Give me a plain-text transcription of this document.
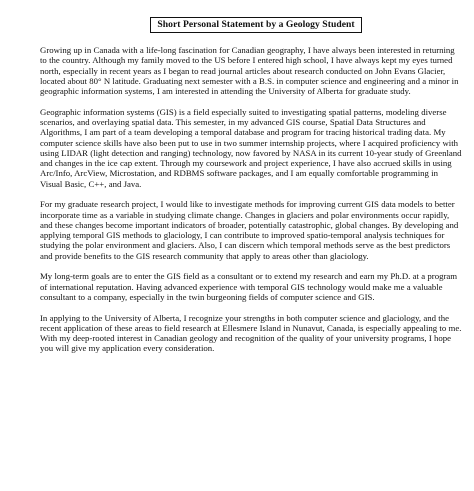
Short Personal Statement by a Geology Student

Growing up in Canada with a life-long fascination for Canadian geography, I have always been interested in returning to the country. Although my family moved to the US before I entered high school, I have always kept my eyes turned north, especially in recent years as I began to read journal articles about research conducted on John Evans Glacier, located about 80° N latitude. Graduating next semester with a B.S. in computer science and engineering and a minor in geographic information systems, I am interested in attending the University of Alberta for graduate study.

Geographic information systems (GIS) is a field especially suited to investigating spatial patterns, modeling diverse scenarios, and overlaying spatial data. This semester, in my advanced GIS course, Spatial Data Structures and Algorithms, I am part of a team developing a temporal database and program for tracing historical trading data. My computer science skills have also been put to use in two summer internship projects, where I acquired proficiency with using LIDAR (light detection and ranging) technology, now favored by NASA in its current 10-year study of Greenland and changes in the ice cap extent. Through my coursework and project experience, I have also accrued skills in using Arc/Info, ArcView, Microstation, and RDBMS software packages, and I am equally comfortable programming in Visual Basic, C++, and Java.

For my graduate research project, I would like to investigate methods for improving current GIS data models to better incorporate time as a variable in studying climate change. Changes in glaciers and polar environments occur rapidly, and these changes become important indicators of broader, potentially catastrophic, global changes. By developing and applying temporal GIS methods to glaciology, I can contribute to improved spatio-temporal analysis techniques for studying the polar environment and glaciers. Also, I can discern which temporal methods serve as the best predictors and provide benefits to the GIS research community that apply to areas other than glaciology.

My long-term goals are to enter the GIS field as a consultant or to extend my research and earn my Ph.D. at a program of international reputation. Having advanced experience with temporal GIS technology would make me a valuable consultant to a company, especially in the twin burgeoning fields of computer science and GIS.

In applying to the University of Alberta, I recognize your strengths in both computer science and glaciology, and the recent application of these areas to field research at Ellesmere Island in Nunavut, Canada, is especially appealing to me. With my deep-rooted interest in Canadian geology and recognition of the quality of your university programs, I hope you will give my application every consideration.
